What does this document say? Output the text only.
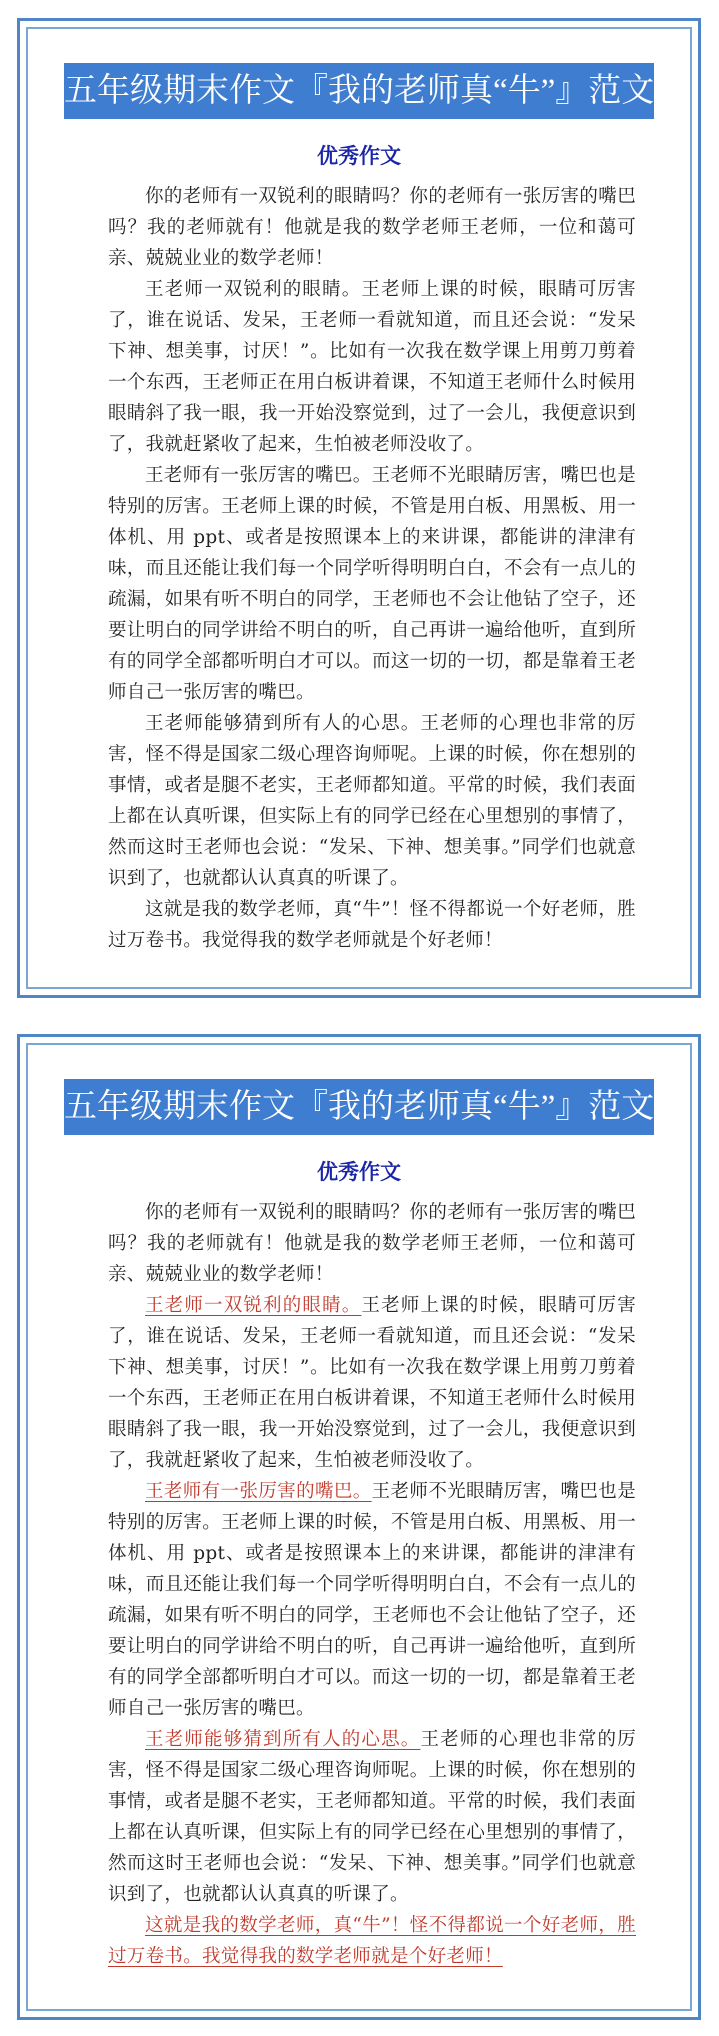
五年级期末作文『我的老师真“牛”』范文
优秀作文

你的老师有一双锐利的眼睛吗？你的老师有一张厉害的嘴巴吗？我的老师就有！他就是我的数学老师王老师，一位和蔼可亲、兢兢业业的数学老师！

王老师一双锐利的眼睛。王老师上课的时候，眼睛可厉害了，谁在说话、发呆，王老师一看就知道，而且还会说：“发呆下神、想美事，讨厌！”。比如有一次我在数学课上用剪刀剪着一个东西，王老师正在用白板讲着课，不知道王老师什么时候用眼睛斜了我一眼，我一开始没察觉到，过了一会儿，我便意识到了，我就赶紧收了起来，生怕被老师没收了。

王老师有一张厉害的嘴巴。王老师不光眼睛厉害，嘴巴也是特别的厉害。王老师上课的时候，不管是用白板、用黑板、用一体机、用 ppt、或者是按照课本上的来讲课，都能讲的津津有味，而且还能让我们每一个同学听得明明白白，不会有一点儿的疏漏，如果有听不明白的同学，王老师也不会让他钻了空子，还要让明白的同学讲给不明白的听，自己再讲一遍给他听，直到所有的同学全部都听明白才可以。而这一切的一切，都是靠着王老师自己一张厉害的嘴巴。

王老师能够猜到所有人的心思。王老师的心理也非常的厉害，怪不得是国家二级心理咨询师呢。上课的时候，你在想别的事情，或者是腿不老实，王老师都知道。平常的时候，我们表面上都在认真听课，但实际上有的同学已经在心里想别的事情了，然而这时王老师也会说：“发呆、下神、想美事。”同学们也就意识到了，也就都认认真真的听课了。

这就是我的数学老师，真“牛”！怪不得都说一个好老师，胜过万卷书。我觉得我的数学老师就是个好老师！

五年级期末作文『我的老师真“牛”』范文
优秀作文

你的老师有一双锐利的眼睛吗？你的老师有一张厉害的嘴巴吗？我的老师就有！他就是我的数学老师王老师，一位和蔼可亲、兢兢业业的数学老师！

王老师一双锐利的眼睛。王老师上课的时候，眼睛可厉害了，谁在说话、发呆，王老师一看就知道，而且还会说：“发呆下神、想美事，讨厌！”。比如有一次我在数学课上用剪刀剪着一个东西，王老师正在用白板讲着课，不知道王老师什么时候用眼睛斜了我一眼，我一开始没察觉到，过了一会儿，我便意识到了，我就赶紧收了起来，生怕被老师没收了。

王老师有一张厉害的嘴巴。王老师不光眼睛厉害，嘴巴也是特别的厉害。王老师上课的时候，不管是用白板、用黑板、用一体机、用 ppt、或者是按照课本上的来讲课，都能讲的津津有味，而且还能让我们每一个同学听得明明白白，不会有一点儿的疏漏，如果有听不明白的同学，王老师也不会让他钻了空子，还要让明白的同学讲给不明白的听，自己再讲一遍给他听，直到所有的同学全部都听明白才可以。而这一切的一切，都是靠着王老师自己一张厉害的嘴巴。

王老师能够猜到所有人的心思。王老师的心理也非常的厉害，怪不得是国家二级心理咨询师呢。上课的时候，你在想别的事情，或者是腿不老实，王老师都知道。平常的时候，我们表面上都在认真听课，但实际上有的同学已经在心里想别的事情了，然而这时王老师也会说：“发呆、下神、想美事。”同学们也就意识到了，也就都认认真真的听课了。

这就是我的数学老师，真“牛”！怪不得都说一个好老师，胜过万卷书。我觉得我的数学老师就是个好老师！
